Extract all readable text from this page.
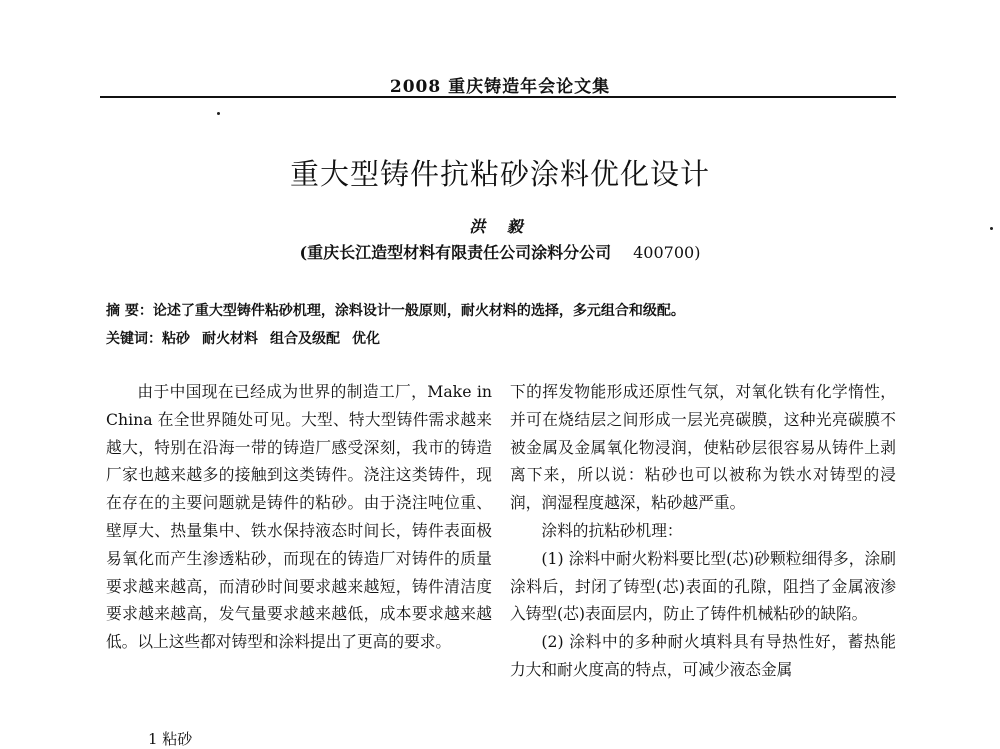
2008 重庆铸造年会论文集
重大型铸件抗粘砂涂料优化设计
洪 毅
(重庆长江造型材料有限责任公司涂料分公司 400700)
摘 要：论述了重大型铸件粘砂机理，涂料设计一般原则，耐火材料的选择，多元组合和级配。
关键词：粘砂 耐火材料 组合及级配 优化

由于中国现在已经成为世界的制造工厂，Make in China 在全世界随处可见。大型、特大型铸件需求越来越大，特别在沿海一带的铸造厂感受深刻，我市的铸造厂家也越来越多的接触到这类铸件。浇注这类铸件，现在存在的主要问题就是铸件的粘砂。由于浇注吨位重、壁厚大、热量集中、铁水保持液态时间长，铸件表面极易氧化而产生渗透粘砂，而现在的铸造厂对铸件的质量要求越来越高，而清砂时间要求越来越短，铸件清洁度要求越来越高，发气量要求越来越低，成本要求越来越低。以上这些都对铸型和涂料提出了更高的要求。

下的挥发物能形成还原性气氛，对氧化铁有化学惰性，并可在烧结层之间形成一层光亮碳膜，这种光亮碳膜不被金属及金属氧化物浸润，使粘砂层很容易从铸件上剥离下来，所以说：粘砂也可以被称为铁水对铸型的浸润，润湿程度越深，粘砂越严重。

涂料的抗粘砂机理：

(1) 涂料中耐火粉料要比型(芯)砂颗粒细得多，涂刷涂料后，封闭了铸型(芯)表面的孔隙，阻挡了金属液渗入铸型(芯)表面层内，防止了铸件机械粘砂的缺陷。

(2) 涂料中的多种耐火填料具有导热性好，蓄热能力大和耐火度高的特点，可减少液态金属

1 粘砂
